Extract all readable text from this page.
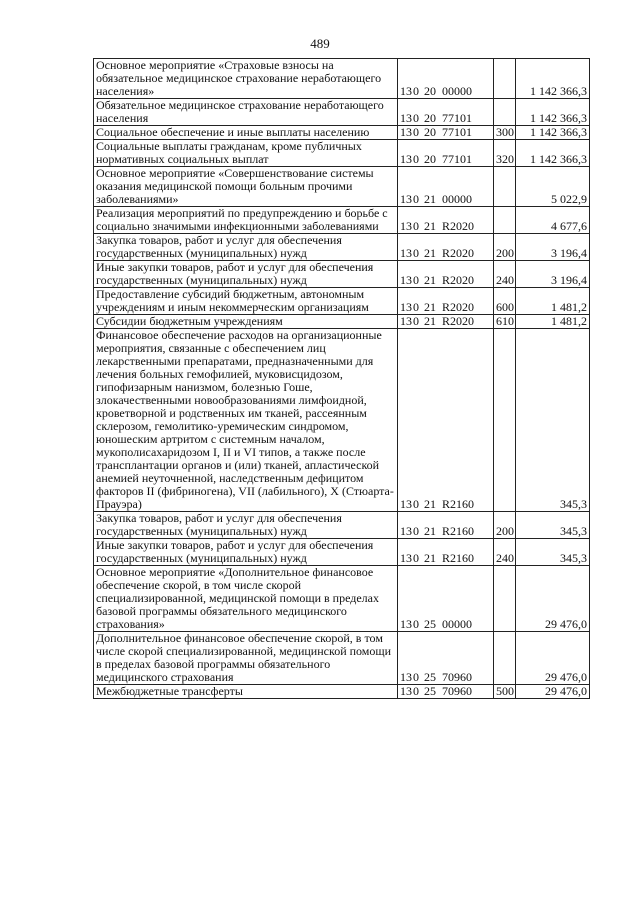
489
Основное мероприятие «Страховые взносы на обязательное медицинское страхование неработающего населения»	130 20 00000		1 142 366,3
Обязательное медицинское страхование неработающего населения	130 20 77101		1 142 366,3
Социальное обеспечение и иные выплаты населению	130 20 77101	300	1 142 366,3
Социальные выплаты гражданам, кроме публичных нормативных социальных выплат	130 20 77101	320	1 142 366,3
Основное мероприятие «Совершенствование системы оказания медицинской помощи больным прочими заболеваниями»	130 21 00000		5 022,9
Реализация мероприятий по предупреждению и борьбе с социально значимыми инфекционными заболеваниями	130 21 R2020		4 677,6
Закупка товаров, работ и услуг для обеспечения государственных (муниципальных) нужд	130 21 R2020	200	3 196,4
Иные закупки товаров, работ и услуг для обеспечения государственных (муниципальных) нужд	130 21 R2020	240	3 196,4
Предоставление субсидий бюджетным, автономным учреждениям и иным некоммерческим организациям	130 21 R2020	600	1 481,2
Субсидии бюджетным учреждениям	130 21 R2020	610	1 481,2
Финансовое обеспечение расходов на организационные мероприятия, связанные с обеспечением лиц лекарственными препаратами, предназначенными для лечения больных гемофилией, муковисцидозом, гипофизарным нанизмом, болезнью Гоше, злокачественными новообразованиями лимфоидной, кроветворной и родственных им тканей, рассеянным склерозом, гемолитико-уремическим синдромом, юношеским артритом с системным началом, мукополисахаридозом I, II и VI типов, а также после трансплантации органов и (или) тканей, апластической анемией неуточненной, наследственным дефицитом факторов II (фибриногена), VII (лабильного), X (Стюарта-Прауэра)	130 21 R2160		345,3
Закупка товаров, работ и услуг для обеспечения государственных (муниципальных) нужд	130 21 R2160	200	345,3
Иные закупки товаров, работ и услуг для обеспечения государственных (муниципальных) нужд	130 21 R2160	240	345,3
Основное мероприятие «Дополнительное финансовое обеспечение скорой, в том числе скорой специализированной, медицинской помощи в пределах базовой программы обязательного медицинского страхования»	130 25 00000		29 476,0
Дополнительное финансовое обеспечение скорой, в том числе скорой специализированной, медицинской помощи в пределах базовой программы обязательного медицинского страхования	130 25 70960		29 476,0
Межбюджетные трансферты	130 25 70960	500	29 476,0
